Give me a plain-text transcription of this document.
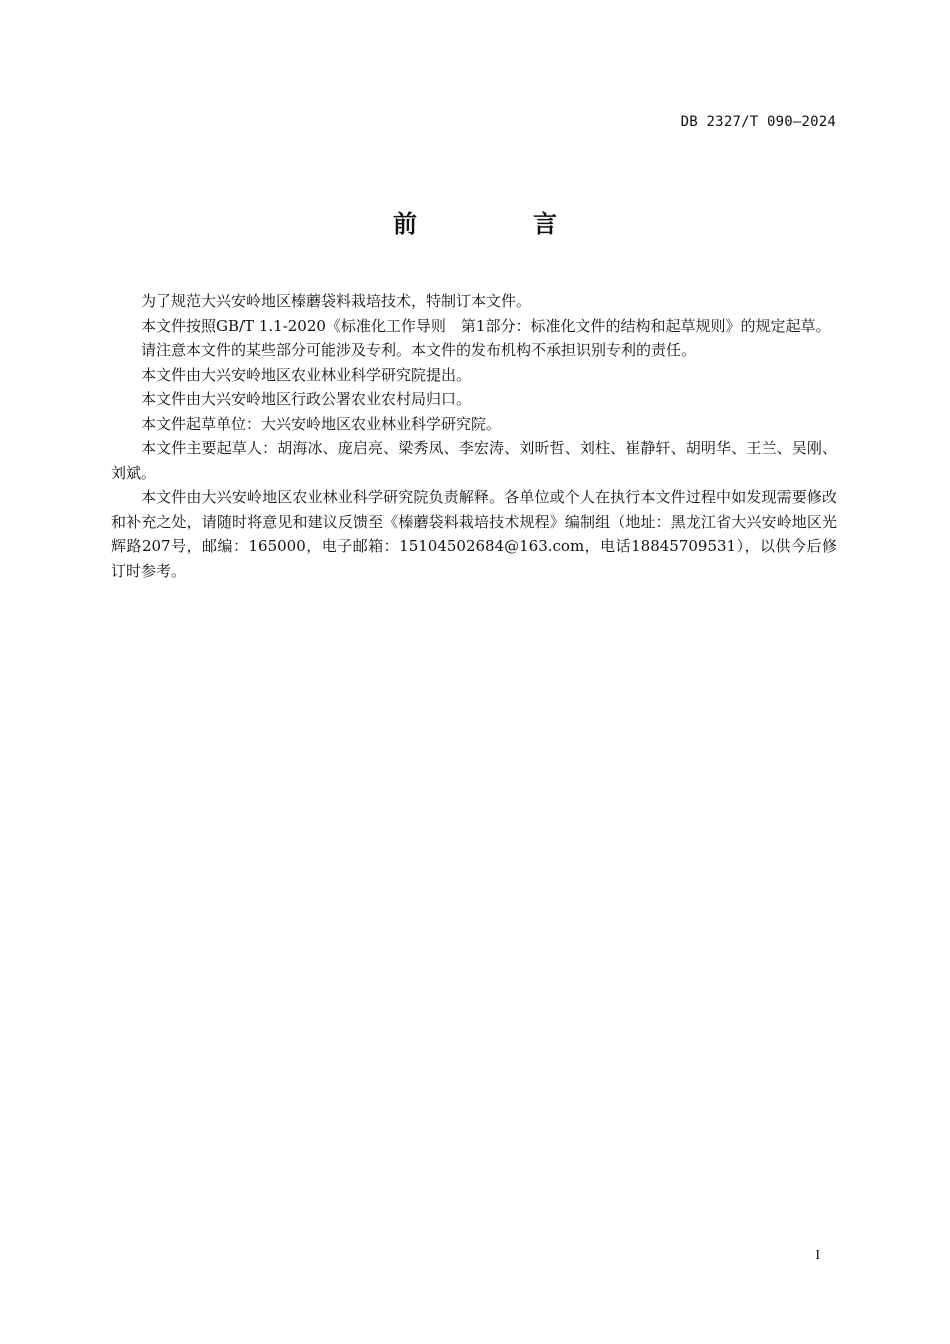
DB 2327/T 090—2024
前　言

为了规范大兴安岭地区榛蘑袋料栽培技术，特制订本文件。

本文件按照GB/T 1.1-2020《标准化工作导则　第1部分：标准化文件的结构和起草规则》的规定起草。

请注意本文件的某些部分可能涉及专利。本文件的发布机构不承担识别专利的责任。

本文件由大兴安岭地区农业林业科学研究院提出。

本文件由大兴安岭地区行政公署农业农村局归口。

本文件起草单位：大兴安岭地区农业林业科学研究院。

本文件主要起草人：胡海冰、庞启亮、梁秀凤、李宏涛、刘昕哲、刘柱、崔静轩、胡明华、王兰、吴刚、刘斌。

本文件由大兴安岭地区农业林业科学研究院负责解释。各单位或个人在执行本文件过程中如发现需要修改和补充之处，请随时将意见和建议反馈至《榛蘑袋料栽培技术规程》编制组（地址：黑龙江省大兴安岭地区光辉路207号，邮编：165000，电子邮箱：15104502684@163.com，电话18845709531），以供今后修订时参考。

I
